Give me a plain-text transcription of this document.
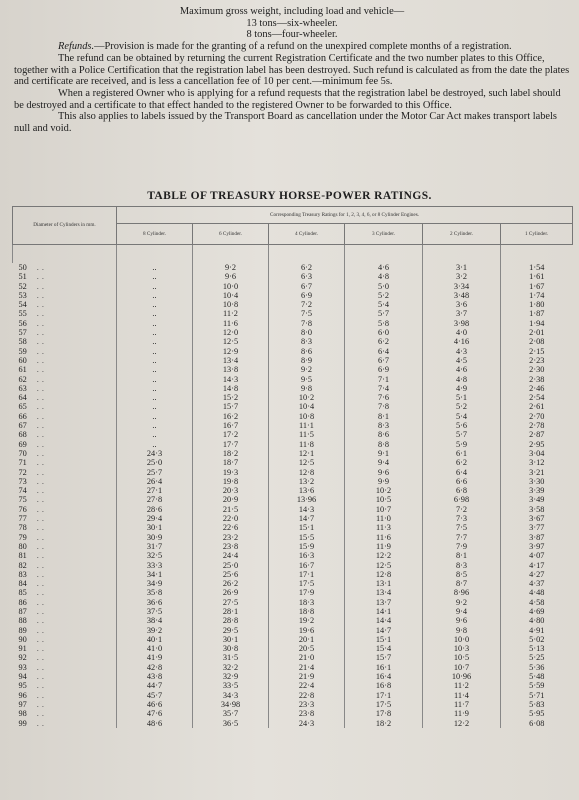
Maximum gross weight, including load and vehicle—

13 tons—six-wheeler.

8 tons—four-wheeler.

Refunds.—Provision is made for the granting of a refund on the unexpired complete months of a registration.

The refund can be obtained by returning the current Registration Certificate and the two number plates to this Office, together with a Police Certification that the registration label has been destroyed. Such refund is calculated as from the date the plates and certificate are received, and is less a cancellation fee of 10 per cent.—minimum fee 5s.

When a registered Owner who is applying for a refund requests that the registration label be destroyed, such label should be destroyed and a certificate to that effect handed to the registered Owner to be forwarded to this Office.

This also applies to labels issued by the Transport Board as cancellation under the Motor Car Act makes transport labels null and void.

TABLE OF TREASURY HORSE-POWER RATINGS.
Diameter of Cylinders in mm.	Corresponding Treasury Ratings for 1, 2, 3, 4, 6, or 8 Cylinder Engines.					
	8 Cylinder.	6 Cylinder.	4 Cylinder.	3 Cylinder.	2 Cylinder.	1 Cylinder.

50 ..	..	9·2	6·2	4·6	3·1	1·54
51 ..	..	9·6	6·3	4·8	3·2	1·61
52 ..	..	10·0	6·7	5·0	3·34	1·67
53 ..	..	10·4	6·9	5·2	3·48	1·74
54 ..	..	10·8	7·2	5·4	3·6	1·80
55 ..	..	11·2	7·5	5·7	3·7	1·87
56 ..	..	11·6	7·8	5·8	3·98	1·94
57 ..	..	12·0	8·0	6·0	4·0	2·01
58 ..	..	12·5	8·3	6·2	4·16	2·08
59 ..	..	12·9	8·6	6·4	4·3	2·15
60 ..	..	13·4	8·9	6·7	4·5	2·23
61 ..	..	13·8	9·2	6·9	4·6	2·30
62 ..	..	14·3	9·5	7·1	4·8	2·38
63 ..	..	14·8	9·8	7·4	4·9	2·46
64 ..	..	15·2	10·2	7·6	5·1	2·54
65 ..	..	15·7	10·4	7·8	5·2	2·61
66 ..	..	16·2	10·8	8·1	5·4	2·70
67 ..	..	16·7	11·1	8·3	5·6	2·78
68 ..	..	17·2	11·5	8·6	5·7	2·87
69 ..	..	17·7	11·8	8·8	5·9	2·95
70 ..	24·3	18·2	12·1	9·1	6·1	3·04
71 ..	25·0	18·7	12·5	9·4	6·2	3·12
72 ..	25·7	19·3	12·8	9·6	6·4	3·21
73 ..	26·4	19·8	13·2	9·9	6·6	3·30
74 ..	27·1	20·3	13·6	10·2	6·8	3·39
75 ..	27·8	20·9	13·96	10·5	6·98	3·49
76 ..	28·6	21·5	14·3	10·7	7·2	3·58
77 ..	29·4	22·0	14·7	11·0	7·3	3·67
78 ..	30·1	22·6	15·1	11·3	7·5	3·77
79 ..	30·9	23·2	15·5	11·6	7·7	3·87
80 ..	31·7	23·8	15·9	11·9	7·9	3·97
81 ..	32·5	24·4	16·3	12·2	8·1	4·07
82 ..	33·3	25·0	16·7	12·5	8·3	4·17
83 ..	34·1	25·6	17·1	12·8	8·5	4·27
84 ..	34·9	26·2	17·5	13·1	8·7	4·37
85 ..	35·8	26·9	17·9	13·4	8·96	4·48
86 ..	36·6	27·5	18·3	13·7	9·2	4·58
87 ..	37·5	28·1	18·8	14·1	9·4	4·69
88 ..	38·4	28·8	19·2	14·4	9·6	4·80
89 ..	39·2	29·5	19·6	14·7	9·8	4·91
90 ..	40·1	30·1	20·1	15·1	10·0	5·02
91 ..	41·0	30·8	20·5	15·4	10·3	5·13
92 ..	41·9	31·5	21·0	15·7	10·5	5·25
93 ..	42·8	32·2	21·4	16·1	10·7	5·36
94 ..	43·8	32·9	21·9	16·4	10·96	5·48
95 ..	44·7	33·5	22·4	16·8	11·2	5·59
96 ..	45·7	34·3	22·8	17·1	11·4	5·71
97 ..	46·6	34·98	23·3	17·5	11·7	5·83
98 ..	47·6	35·7	23·8	17·8	11·9	5·95
99 ..	48·6	36·5	24·3	18·2	12·2	6·08
